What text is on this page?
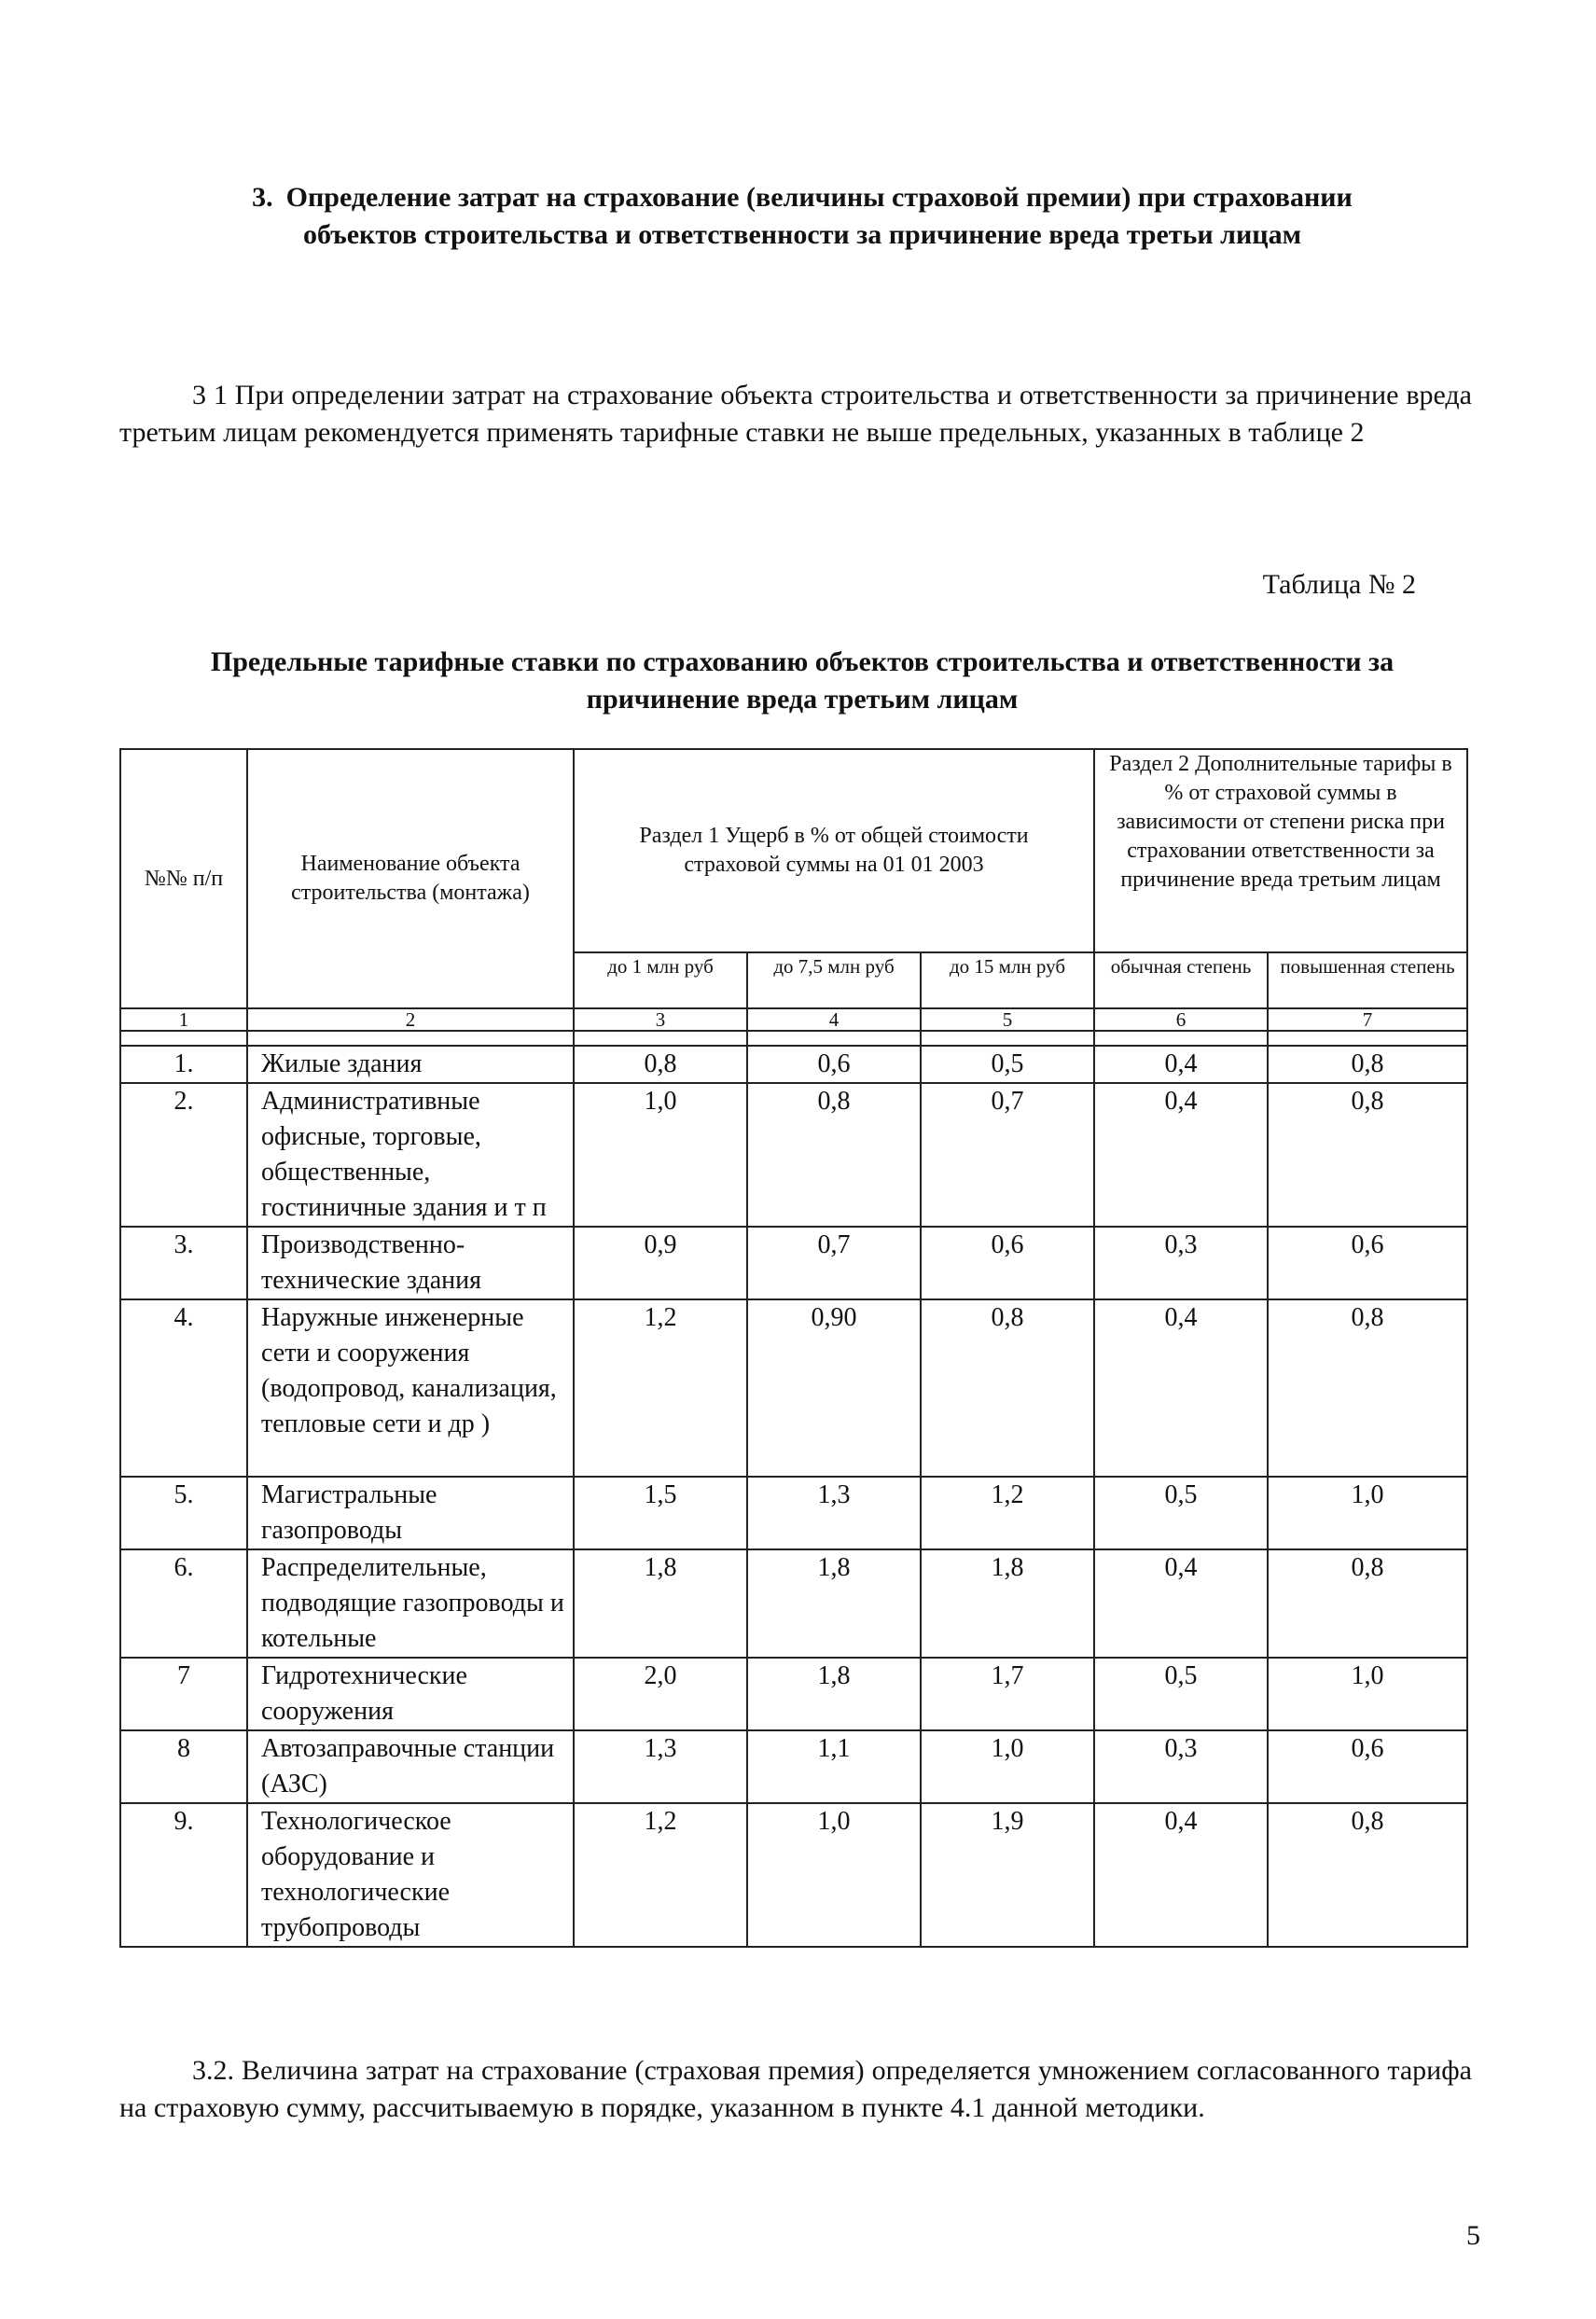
3. Определение затрат на страхование (величины страховой премии) при страховании объектов строительства и ответственности за причинение вреда третьи лицам
3 1 При определении затрат на страхование объекта строительства и ответственности за причинение вреда третьим лицам рекомендуется применять тарифные ставки не выше предельных, указанных в таблице 2
Таблица № 2
Предельные тарифные ставки по страхованию объектов строительства и ответственности за причинение вреда третьим лицам
№№ п/п	Наименование объекта строительства (монтажа)	Раздел 1 Ущерб в % от общей стоимости страховой суммы на 01 01 2003			Раздел 2 Дополнительные тарифы в % от страховой суммы в зависимости от степени риска при страховании ответственности за причинение вреда третьим лицам	
		до 1 млн руб	до 7,5 млн руб	до 15 млн руб	обычная степень	повышенная степень
1	2	3	4	5	6	7

1.	Жилые здания	0,8	0,6	0,5	0,4	0,8
2.	Административные офисные, торговые, общественные, гостиничные здания и т п	1,0	0,8	0,7	0,4	0,8
3.	Производственно-технические здания	0,9	0,7	0,6	0,3	0,6
4.	Наружные инженерные сети и сооружения (водопровод, канализация, тепловые сети и др )	1,2	0,90	0,8	0,4	0,8
5.	Магистральные газопроводы	1,5	1,3	1,2	0,5	1,0
6.	Распределительные, подводящие газопроводы и котельные	1,8	1,8	1,8	0,4	0,8
7	Гидротехнические сооружения	2,0	1,8	1,7	0,5	1,0
8	Автозаправочные станции (АЗС)	1,3	1,1	1,0	0,3	0,6
9.	Технологическое оборудование и технологические трубопроводы	1,2	1,0	1,9	0,4	0,8
3.2. Величина затрат на страхование (страховая премия) определяется умножением согласованного тарифа на страховую сумму, рассчитываемую в порядке, указанном в пункте 4.1 данной методики.
5
